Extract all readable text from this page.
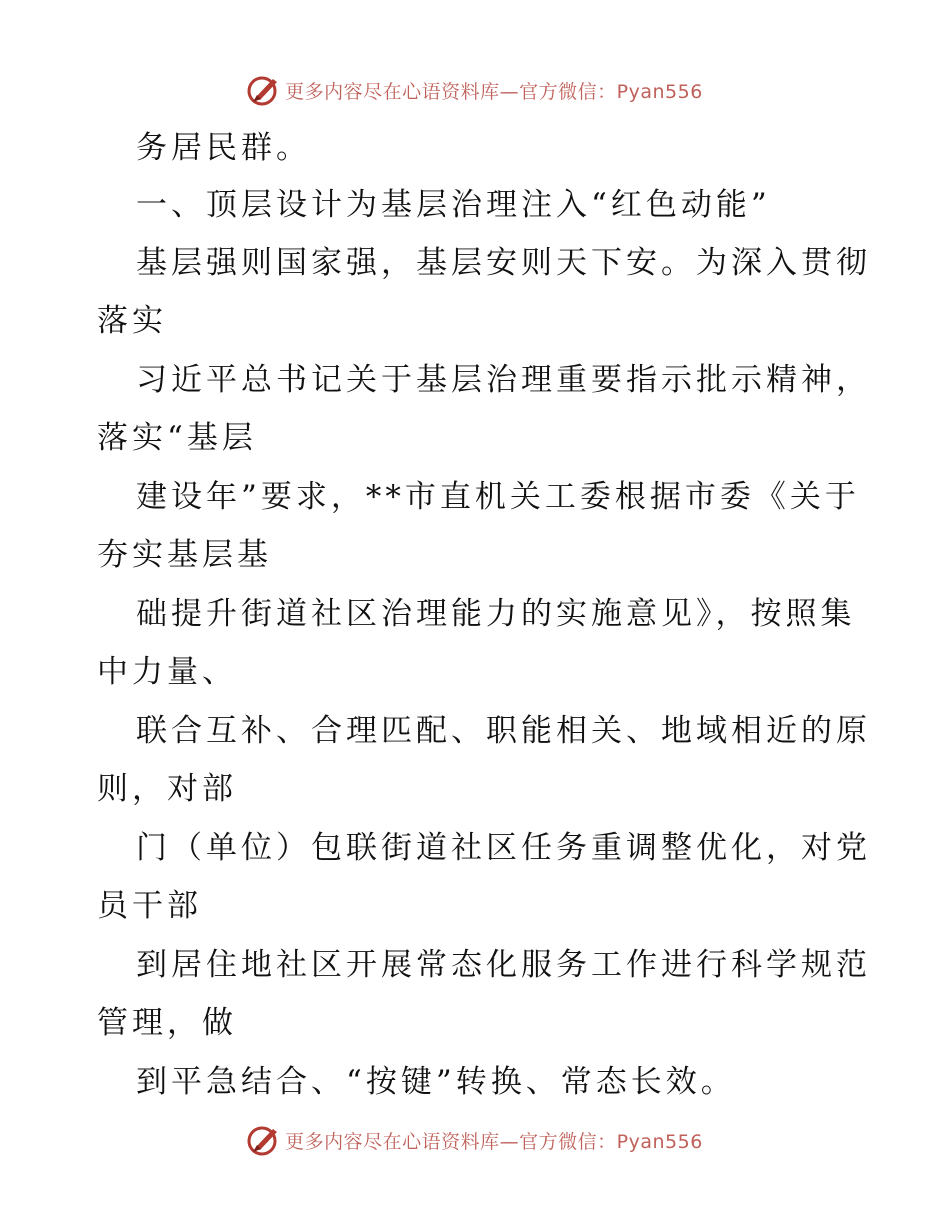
更多内容尽在心语资料库—官方微信：Pyan556
务居民群。
一、顶层设计为基层治理注入“红色动能”
基层强则国家强，基层安则天下安。为深入贯彻
落实
习近平总书记关于基层治理重要指示批示精神，
落实“基层
建设年”要求，**市直机关工委根据市委《关于
夯实基层基
础提升街道社区治理能力的实施意见》，按照集
中力量、
联合互补、合理匹配、职能相关、地域相近的原
则，对部
门（单位）包联街道社区任务重调整优化，对党
员干部
到居住地社区开展常态化服务工作进行科学规范
管理，做
到平急结合、“按键”转换、常态长效。
更多内容尽在心语资料库—官方微信：Pyan556
